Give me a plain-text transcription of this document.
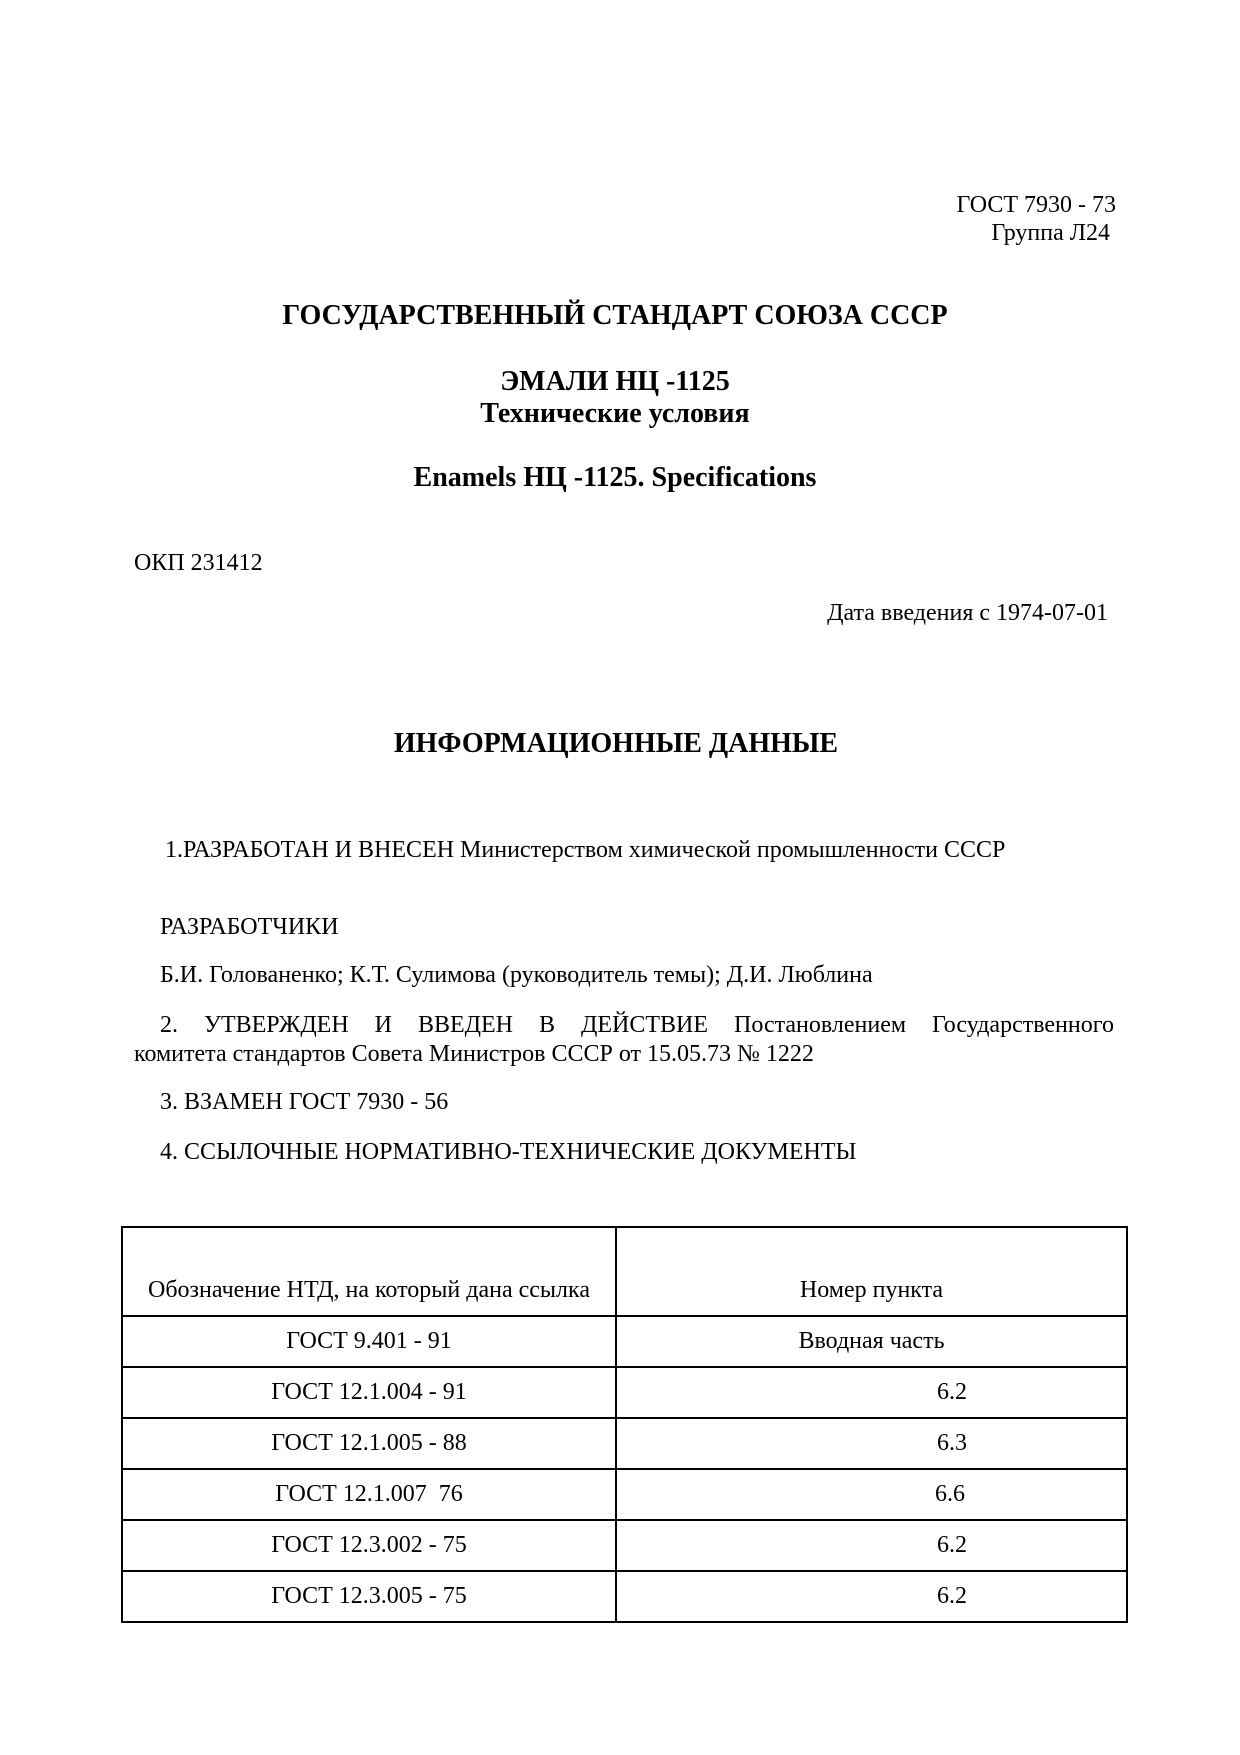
ГОСТ 7930 - 73
Группа Л24
ГОСУДАРСТВЕННЫЙ СТАНДАРТ СОЮЗА СССР
ЭМАЛИ НЦ -1125
Технические условия
Enamels НЦ -1125. Specifications
ОКП 231412
Дата введения с 1974-07-01
ИНФОРМАЦИОННЫЕ ДАННЫЕ
1.РАЗРАБОТАН И ВНЕСЕН Министерством химической промышленности СССР
РАЗРАБОТЧИКИ
Б.И. Голованенко; К.Т. Сулимова (руководитель темы); Д.И. Люблина
2. УТВЕРЖДЕН И ВВЕДЕН В ДЕЙСТВИЕ Постановлением Государственного
комитета стандартов Совета Министров СССР от 15.05.73 № 1222
3. ВЗАМЕН ГОСТ 7930 - 56
4. ССЫЛОЧНЫЕ НОРМАТИВНО-ТЕХНИЧЕСКИЕ ДОКУМЕНТЫ
Обозначение НТД, на который дана ссылка	Номер пункта
ГОСТ 9.401 - 91	Вводная часть
ГОСТ 12.1.004 - 91	6.2
ГОСТ 12.1.005 - 88	6.3
ГОСТ 12.1.007  76	6.6
ГОСТ 12.3.002 - 75	6.2
ГОСТ 12.3.005 - 75	6.2
